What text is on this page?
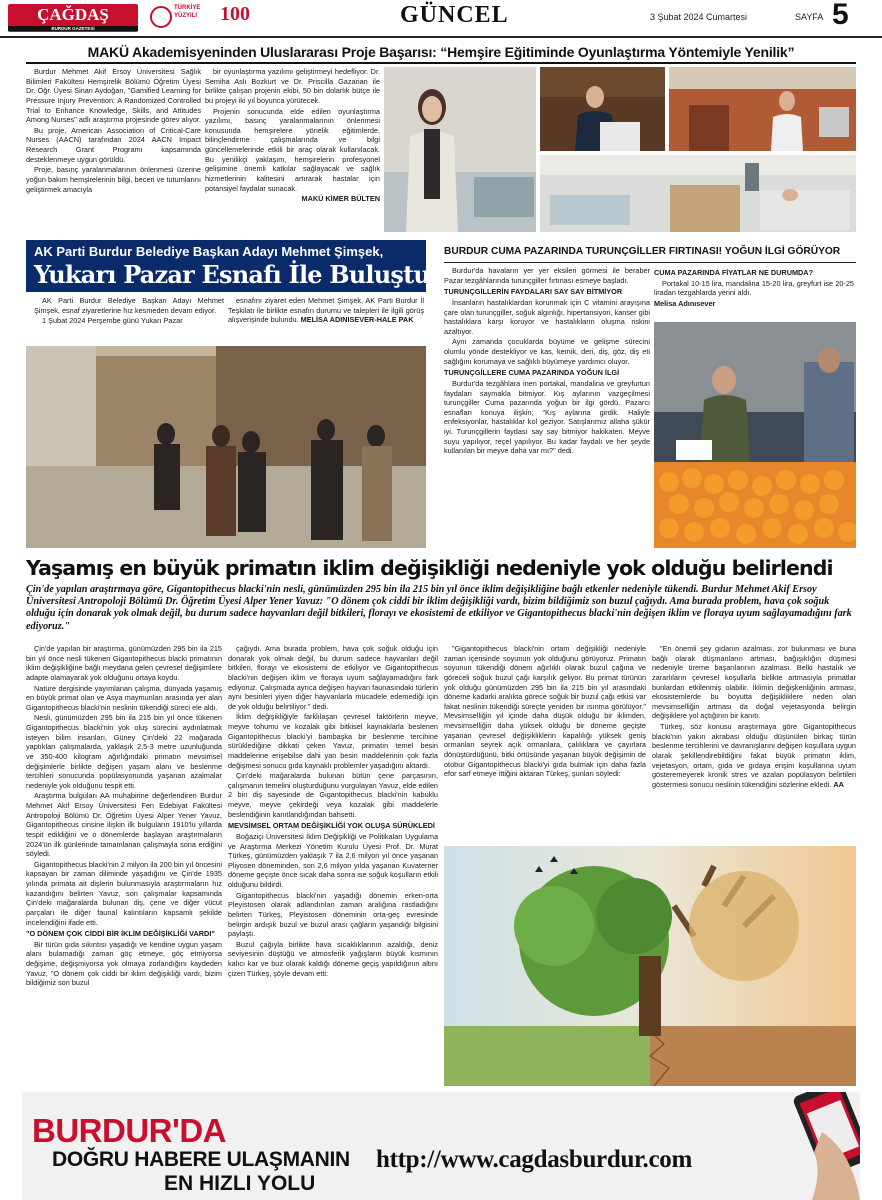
ÇAĞDAŞ
BURDUR GAZETESİ
TÜRKİYE
YÜZYILI	100	GÜNCEL	3 Şubat 2024 Cumartesi	SAYFA 5
MAKÜ Akademisyeninden Uluslararası Proje Başarısı: “Hemşire Eğitiminde Oyunlaştırma Yöntemiyle Yenilik”

Burdur Mehmet Akif Ersoy Üniversitesi Sağlık Bilimleri Fakültesi Hemşirelik Bölümü Öğretim Üyesi Dr. Öğr. Üyesi Sinan Aydoğan, "Gamified Learning for Pressure Injury Prevention: A Randomized Controlled Trial to Enhance Knowledge, Skills, and Attitudes Among Nurses" adlı araştırma projesinde görev alıyor.

Bu proje, American Association of Critical-Care Nurses (AACN) tarafından 2024 AACN Impact Research Grant Programı kapsamında desteklenmeye uygun görüldü.

Proje, basınç yaralanmalarının önlenmesi üzerine yoğun bakım hemşirelerinin bilgi, beceri ve tutumlarını geliştirmek amacıyla

bir oyunlaştırma yazılımı geliştirmeyi hedefliyor. Dr. Semiha Aslı Bozkurt ve Dr. Priscilla Gazarian ile birlikte çalışan projenin ekibi, 50 bin dolarlık bütçe ile bu projeyi iki yıl boyunca yürütecek.

Projenin sonucunda elde edilen oyunlaştırma yazılımı, basınç yaralanmalarının önlenmesi konusunda hemşirelere yönelik eğitimlerde, bilinçlendirme çalışmalarında ve bilgi güncellemelerinde etkili bir araç olarak kullanılacak. Bu yenilikçi yaklaşım, hemşirelerin profesyonel gelişimine önemli katkılar sağlayacak ve sağlık hizmetlerinin kalitesini artırarak hastalar için potansiyel faydalar sunacak.

MAKÜ KİMER BÜLTEN

AK Parti Burdur Belediye Başkan Adayı Mehmet Şimşek,
Yukarı Pazar Esnafı İle Buluştu

AK Parti Burdur Belediye Başkan Adayı Mehmet Şimşek, esnaf ziyaretlerine hız kesmeden devam ediyor.

1 Şubat 2024 Perşembe günü Yukarı Pazar

esnafını ziyaret eden Mehmet Şimşek, AK Parti Burdur İl Teşkilatı ile birlikte esnafın durumu ve talepleri ile ilgili görüş alışverişinde bulundu. MELİSA ADINISEVER-HALE PAK

BURDUR CUMA PAZARINDA TURUNÇGİLLER FIRTINASI! YOĞUN İLGİ GÖRÜYOR

Burdur'da havaların yer yer eksileri görmesi ile beraber Pazar tezgâhlarında turunçgiller fırtınası esmeye başladı.

TURUNÇGİLLERİN FAYDALARI SAY SAY BİTMİYOR

İnsanların hastalıklardan korunmak için C vitamini arayışına çare olan turunçgiller, soğuk algınlığı, hipertansiyon, kanser gibi hastalıklara karşı koruyor ve hastalıkların oluşma riskini azaltıyor.

Aynı zamanda çocuklarda büyüme ve gelişme sürecini olumlu yönde destekliyor ve kas, kemik, deri, diş, göz, diş eti sağlığını korumaya ve sağlıklı büyümeye yardımcı oluyor.

TURUNÇGİLLERE CUMA PAZARINDA YOĞUN İLGİ

Burdur'da tezgâhlara inen portakal, mandalina ve greyfurtun faydaları saymakla bitmiyor. Kış aylarının vazgeçilmesi turunçgiller Cuma pazarında yoğun bir ilgi gördü. Pazarcı esnafları konuya ilişkin; "Kış aylarına girdik. Haliyle enfeksiyonlar, hastalıklar kol geziyor. Satışlarımız allaha şükür iyi. Turunçgillerin faydası say say bitmiyor hakikaten. Meyve suyu yapılıyor, reçel yapılıyor. Bu kadar faydalı ve her şeyde kullanılan bir meyve daha var mı?" dedi.

CUMA PAZARINDA FİYATLAR NE DURUMDA?

Portakal 10-15 lira, mandalina 15-20 lira, greyfurt ise 20-25 liradan tezgahlarda yerini aldı.

Melisa Adınısever

Yaşamış en büyük primatın iklim değişikliği nedeniyle yok olduğu belirlendi
Çin'de yapılan araştırmaya göre, Gigantopithecus blacki'nin nesli, günümüzden 295 bin ila 215 bin yıl önce iklim değişikliğine bağlı etkenler nedeniyle tükendi. Burdur Mehmet Akif Ersoy Üniversitesi Antropoloji Bölümü Dr. Öğretim Üyesi Alper Yener Yavuz: "O dönem çok ciddi bir iklim değişikliği vardı, bizim bildiğimiz son buzul çağıydı. Ama burada problem, hava çok soğuk olduğu için donarak yok olmak değil, bu durum sadece hayvanları değil bitkileri, florayı ve ekosistemi de etkiliyor ve Gigantopithecus blacki'nin değişen iklim ve floraya uyum sağlayamadığını fark ediyoruz."

Çin'de yapılan bir araştırma, günümüzden 295 bin ila 215 bin yıl önce nesli tükenen Gigantopithecus blacki primatının iklim değişikliğine bağlı meydana gelen çevresel değişimlere adapte olamayarak yok olduğunu ortaya koydu.

Nature dergisinde yayımlanan çalışma, dünyada yaşamış en büyük primat olan ve Asya maymunları arasında yer alan Gigantopithecus blacki'nin neslinin tükendiği süreci ele aldı.

Nesli, günümüzden 295 bin ila 215 bin yıl önce tükenen Gigantopithecus blacki'nin yok oluş sürecini aydınlatmak isteyen bilim insanları, Güney Çin'deki 22 mağarada yaptıkları çalışmalarda, yaklaşık 2,5-3 metre uzunluğunda ve 350-400 kilogram ağırlığındaki primatın mevsimsel değişimlerle birlikte değişen yaşam alanı ve beslenme tercihleri sonucunda popülasyonunda yaşanan azalmalar nedeniyle yok olduğunu tespit etti.

Araştırma bulguları AA muhabirine değerlendiren Burdur Mehmet Akif Ersoy Üniversitesi Fen Edebiyat Fakültesi Antropoloji Bölümü Dr. Öğretim Üyesi Alper Yener Yavuz, Gigantopithecus cinsine ilişkin ilk bulguların 1910'lu yıllarda tespit edildiğini ve o dönemlerde başlayan araştırmaların 2024'ün ilk günlerinde tamamlanan çalışmayla sona erdiğini söyledi.

Gigantopithecus blacki'nin 2 milyon ila 200 bin yıl öncesini kapsayan bir zaman diliminde yaşadığını ve Çin'de 1935 yılında primata ait dişlerin bulunmasıyla araştırmaların hız kazandığını belirten Yavuz, son çalışmalar kapsamında Çin'deki mağaralarda bulunan diş, çene ve diğer vücut parçaları ile diğer faunal kalıntıların kapsamlı şekilde incelendiğini ifade etti.

"O DÖNEM ÇOK CİDDİ BİR İKLİM DEĞİŞİKLİĞİ VARDI"

Bir türün gıda sıkıntısı yaşadığı ve kendine uygun yaşam alanı bulamadığı zaman göç etmeye, göç etmiyorsa değişime, değişmiyorsa yok olmaya zorlandığını kaydeden Yavuz, "O dönem çok ciddi bir iklim değişikliği vardı, bizim bildiğimiz son buzul

çağıydı. Ama burada problem, hava çok soğuk olduğu için donarak yok olmak değil, bu durum sadece hayvanları değil bitkileri, florayı ve ekosistemi de etkiliyor ve Gigantopithecus blacki'nin değişen iklim ve floraya uyum sağlayamadığını fark ediyoruz. Çalışmada ayrıca değişen hayvan faunasındaki türlerin aynı besinleri yiyen diğer hayvanlarla mücadele edemediği için de yok olduğu belirtiliyor." dedi.

İklim değişikliğiyle farklılaşan çevresel faktörlerin meyve, meyve tohumu ve kozalak gibi bitkisel kaynaklarla beslenen Gigantopithecus blacki'yi bambaşka bir beslenme tercihine sürüklediğine dikkati çeken Yavuz, primatın temel besin maddelerine erişebilse dahi yan besin maddelerinin çok fazla değişmesi sonucu gıda kaynaklı problemler yaşadığını aktardı.

Çin'deki mağaralarda bulunan bütün çene parçasının, çalışmanın temelini oluşturduğunu vurgulayan Yavuz, elde edilen 2 bin diş sayesinde de Gigantopithecus blacki'nin kabuklu meyve, meyve çekirdeği veya kozalak gibi maddelerle beslendiğinin kanıtlandığından bahsetti.

MEVSİMSEL ORTAM DEĞİŞİKLİĞİ YOK OLUŞA SÜRÜKLEDİ

Boğaziçi Üniversitesi İklim Değişikliği ve Politikaları Uygulama ve Araştırma Merkezi Yönetim Kurulu Üyesi Prof. Dr. Murat Türkeş, günümüzden yaklaşık 7 ila 2,6 milyon yıl önce yaşanan Pliyosen döneminden, son 2,6 milyon yılda yaşanan Kuvaterner döneme geçişte önce sıcak daha sonra ise soğuk koşulların etkili olduğunu bildirdi.

Gigantopithecus blacki'nin yaşadığı dönemin erken-orta Pleyistosen olarak adlandırılan zaman aralığına rastladığını belirten Türkeş, Pleyistosen döneminin orta-geç evresinde belirgin ardışık buzul ve buzul arası çağların yaşandığı bilgisini paylaştı.

Buzul çağıyla birlikte hava sıcaklıklarının azaldığı, deniz seviyesinin düştüğü ve atmosferik yağışların büyük kısmının kalıcı kar ve buz olarak kaldığı döneme geçiş yapıldığının altını çizen Türkeş, şöyle devam etti:

"Gigantopithecus blacki'nin ortam değişikliği nedeniyle zaman içerisinde soyunun yok olduğunu görüyoruz. Primatın soyunun tükendiği dönem ağırlıklı olarak buzul çağına ve göreceli soğuk buzul çağı karşılık geliyor. Bu primat türünün yok olduğu günümüzden 295 bin ila 215 bin yıl arasındaki döneme kadarki aralıkta görece soğuk bir buzul çağı etkisi var fakat neslinin tükendiği süreçte yeniden bir ısınma görülüyor." Mevsimselliğin yıl içinde daha düşük olduğu bir iklimden, mevsimselliğin daha yüksek olduğu bir döneme geçişte yaşanan çevresel değişikliklerin kapalılığı yüksek geniş ormanları seyrek açık ormanlara, çalılıklara ve çayırlara dönüştürdüğünü, bitki örtüsünde yaşanan büyük değişimin de otobur Gigantopithecus blacki'yi gıda bulmak için daha fazla efor sarf etmeye ittiğini aktaran Türkeş, şunları söyledi:

"En önemli şey gıdanın azalması, zor bulunması ve buna bağlı olarak düşmanların artması, bağışıklığın düşmesi nedeniyle üreme başarılarının azalması. Belki hastalık ve zararlıların çevresel koşullarla birlikte artmasıyla primatlar bunlardan etkilenmiş olabilir. İklimin değişkenliğinin artması, ekosistemlerde bu boyutta değişikliklere neden olan mevsimselliğin artması da doğal vejetasyonda belirgin değişiklere yol açtığının bir kanıtı.

Türkeş, söz konusu araştırmaya göre Gigantopithecus blacki'nin yakın akrabası olduğu düşünülen birkaç türün beslenme tercihlerini ve davranışlarını değişen koşullara uygun olarak şekillendirebildiğini fakat büyük primatın iklim, vejetasyon, ortam, gıda ve gıdaya erişim koşullarına uyum gösteremeyerek kronik stres ve azalan popülasyon belirtileri göstermesi sonucu neslinin tükendiğini sözlerine ekledi. AA

BURDUR'DA
DOĞRU HABERE ULAŞMANIN
EN HIZLI YOLU
http://www.cagdasburdur.com
